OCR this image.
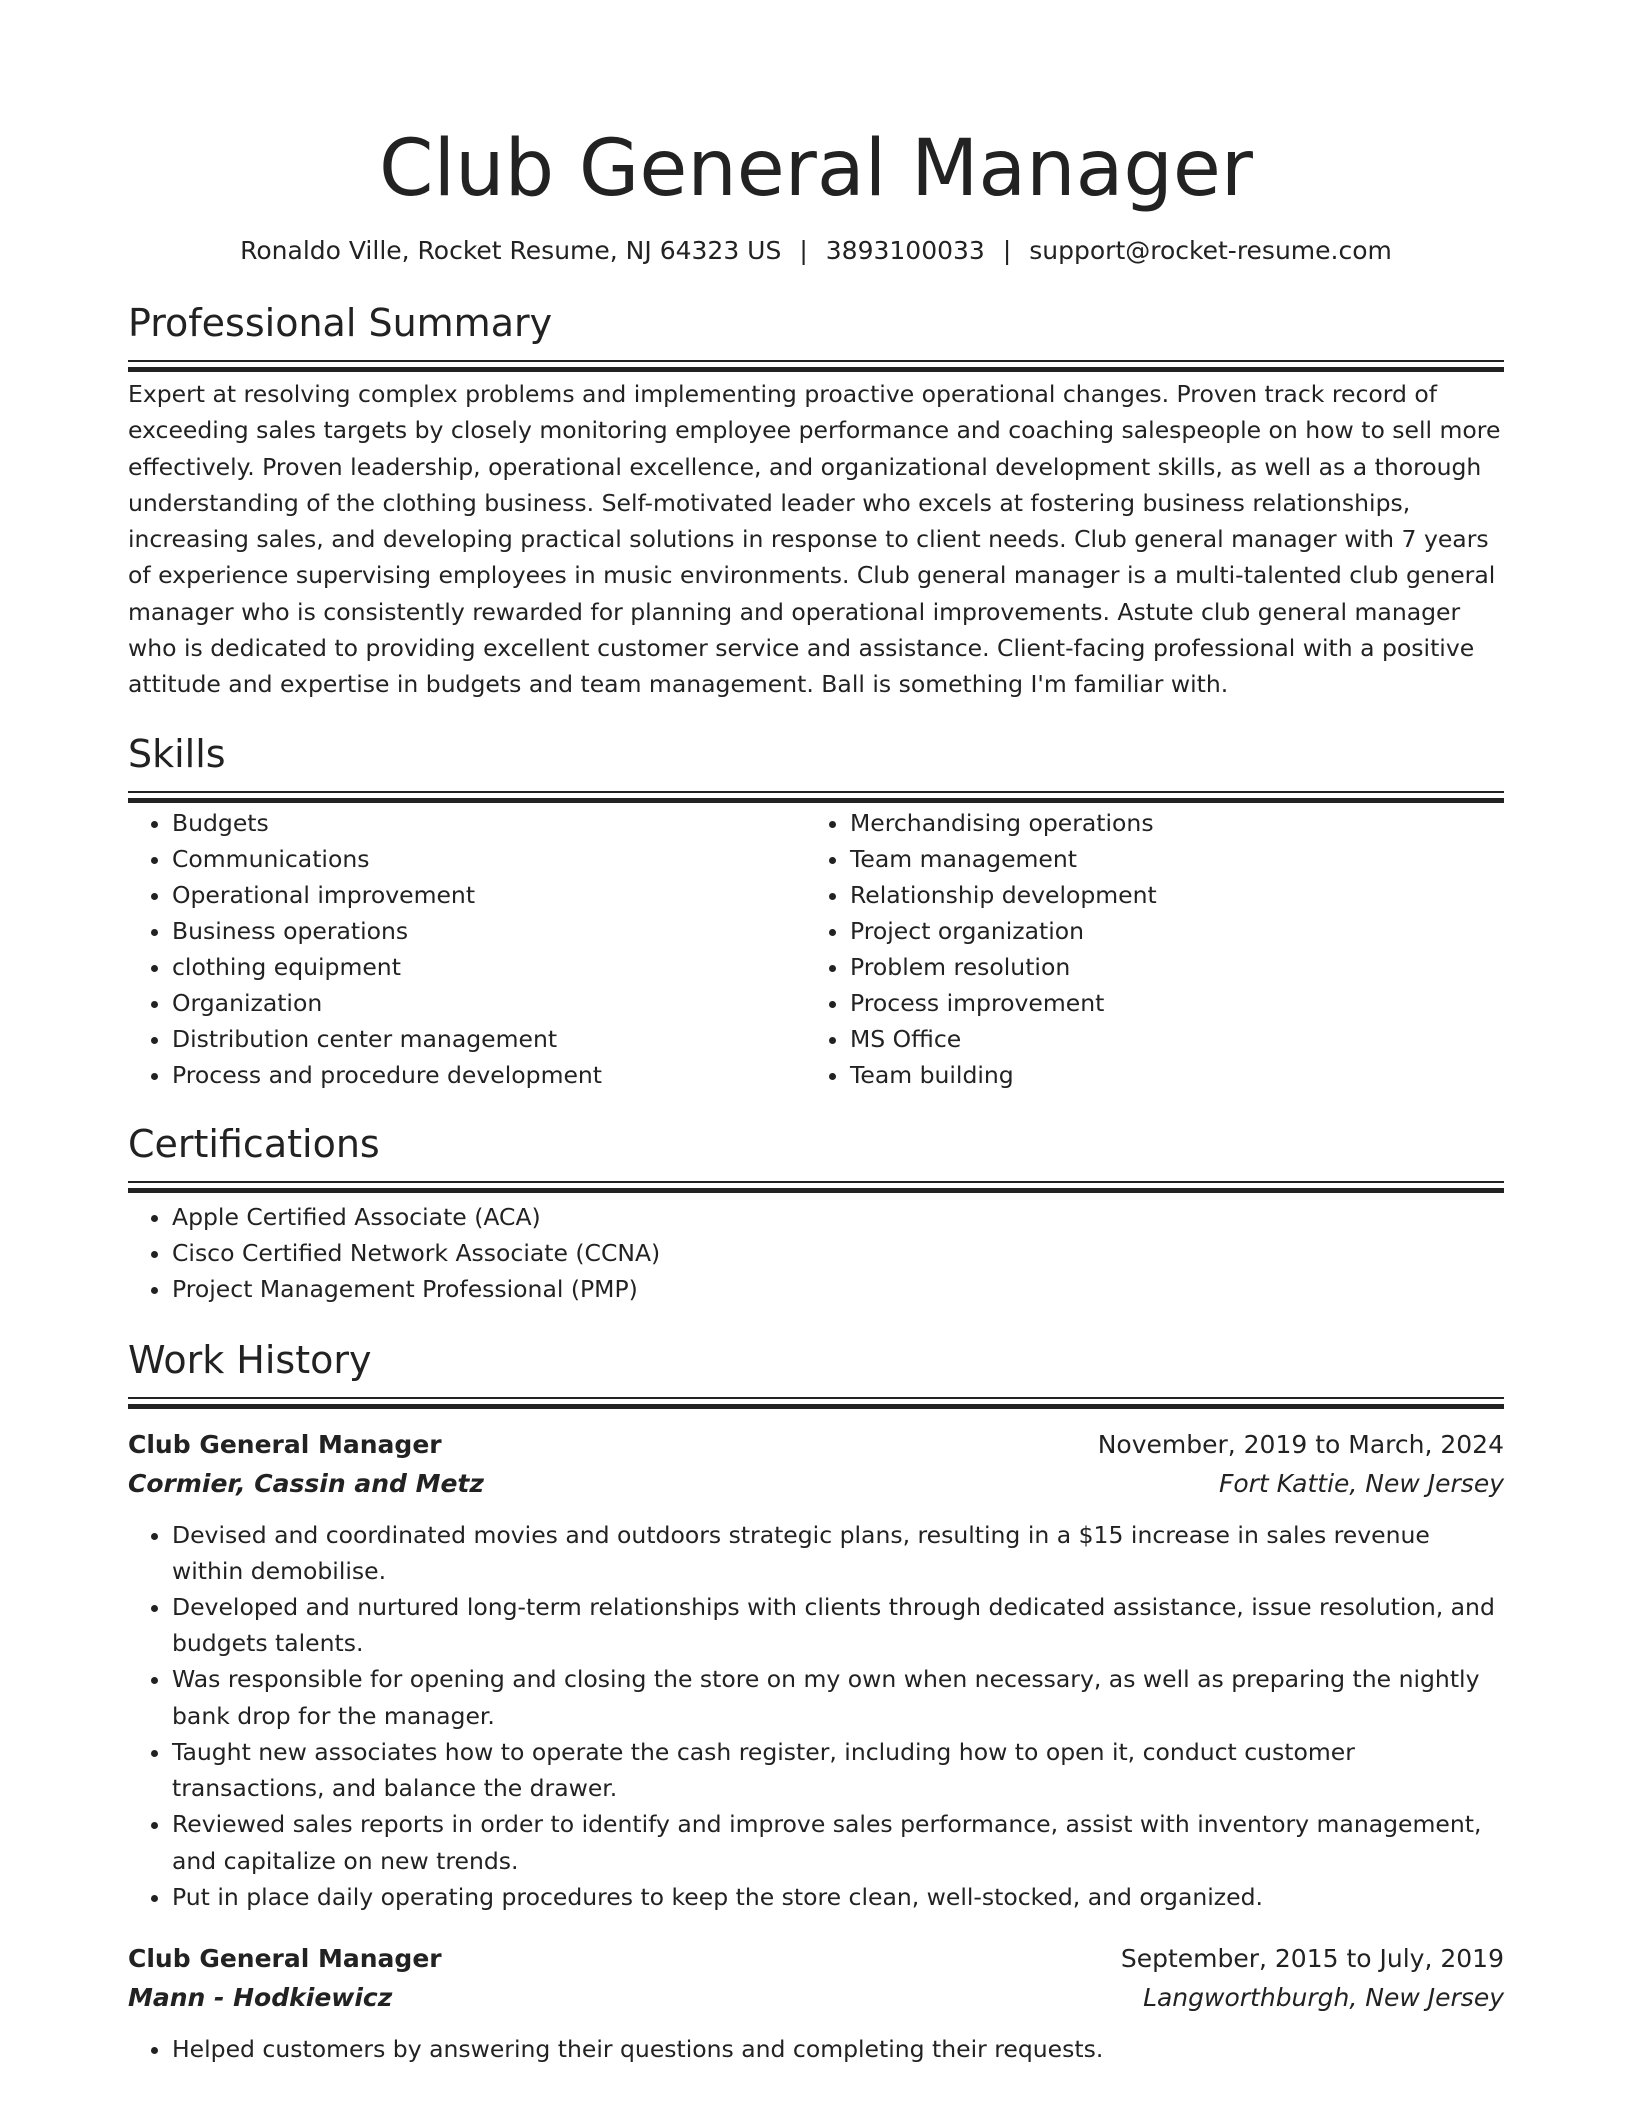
Club General Manager
Ronaldo Ville, Rocket Resume, NJ 64323 US | 3893100033 | support@rocket-resume.com
Professional Summary

Expert at resolving complex problems and implementing proactive operational changes. Proven track record of exceeding sales targets by closely monitoring employee performance and coaching salespeople on how to sell more effectively. Proven leadership, operational excellence, and organizational development skills, as well as a thorough understanding of the clothing business. Self-motivated leader who excels at fostering business relationships, increasing sales, and developing practical solutions in response to client needs. Club general manager with 7 years of experience supervising employees in music environments. Club general manager is a multi-talented club general manager who is consistently rewarded for planning and operational improvements. Astute club general manager who is dedicated to providing excellent customer service and assistance. Client-facing professional with a positive attitude and expertise in budgets and team management. Ball is something I'm familiar with.

Skills
• Budgets
• Communications
• Operational improvement
• Business operations
• clothing equipment
• Organization
• Distribution center management
• Process and procedure development
• Merchandising operations
• Team management
• Relationship development
• Project organization
• Problem resolution
• Process improvement
• MS Office
• Team building
Certifications
• Apple Certified Associate (ACA)
• Cisco Certified Network Associate (CCNA)
• Project Management Professional (PMP)
Work History
Club General Manager	November, 2019 to March, 2024
Cormier, Cassin and Metz	Fort Kattie, New Jersey
• Devised and coordinated movies and outdoors strategic plans, resulting in a $15 increase in sales revenue within demobilise.
• Developed and nurtured long-term relationships with clients through dedicated assistance, issue resolution, and budgets talents.
• Was responsible for opening and closing the store on my own when necessary, as well as preparing the nightly bank drop for the manager.
• Taught new associates how to operate the cash register, including how to open it, conduct customer transactions, and balance the drawer.
• Reviewed sales reports in order to identify and improve sales performance, assist with inventory management, and capitalize on new trends.
• Put in place daily operating procedures to keep the store clean, well-stocked, and organized.
Club General Manager	September, 2015 to July, 2019
Mann - Hodkiewicz	Langworthburgh, New Jersey
• Helped customers by answering their questions and completing their requests.
